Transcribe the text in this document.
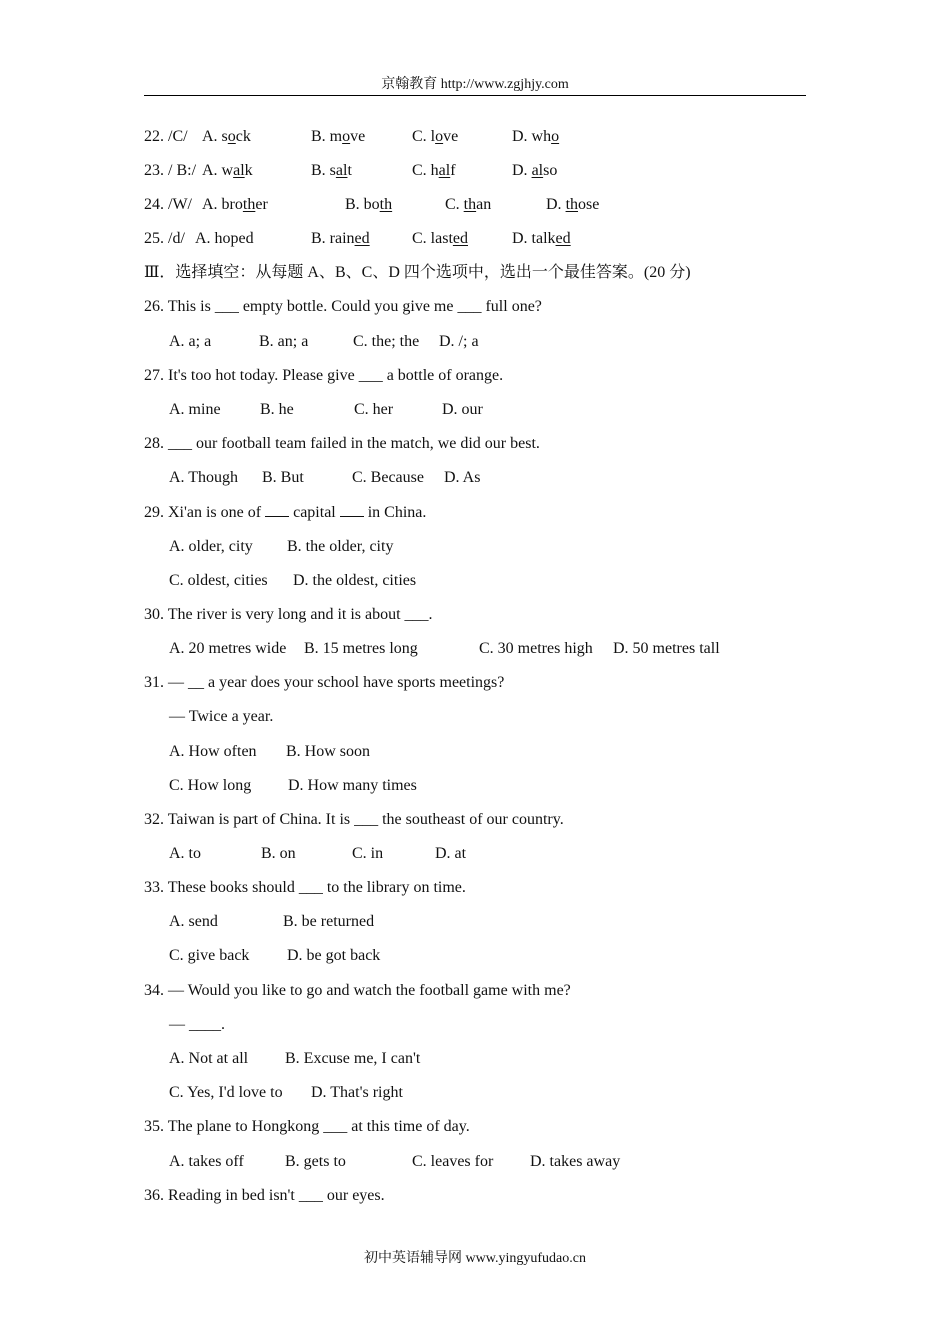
京翰教育 http://www.zgjhjy.com
22. /C/ A. sock	B. move	C. love	D. who
23. / B:/ A. walk	B. salt	C. half	D. also
24. /W/ A. brother	B. both	C. than	D. those
25. /d/ A. hoped	B. rained	C. lasted	D. talked
Ⅲ．选择填空：从每题 A、B、C、D 四个选项中，选出一个最佳答案。(20 分)
26. This is ___ empty bottle. Could you give me ___ full one?
A. a; a	B. an; a	C. the; the D. /; a
27. It's too hot today. Please give ___ a bottle of orange.
A. mine B. he	C. her	D. our
28. ___ our football team failed in the match, we did our best.
A. Though B. But	C. Because D. As
29. Xi'an is one of capital in China.
A. older, city B. the older, city
C. oldest, cities D. the oldest, cities
30. The river is very long and it is about ___.
A. 20 metres wide B. 15 metres long	C. 30 metres high D. 50 metres tall
31. — __ a year does your school have sports meetings?
— Twice a year.
A. How often B. How soon
C. How long D. How many times
32. Taiwan is part of China. It is ___ the southeast of our country.
A. to	B. on	C. in	D. at
33. These books should ___ to the library on time.
A. send	B. be returned
C. give back D. be got back
34. — Would you like to go and watch the football game with me?
— ____.
A. Not at all B. Excuse me, I can't
C. Yes, I'd love to D. That's right
35. The plane to Hongkong ___ at this time of day.
A. takes off	B. gets to	C. leaves for D. takes away
36. Reading in bed isn't ___ our eyes.
初中英语辅导网 www.yingyufudao.cn
